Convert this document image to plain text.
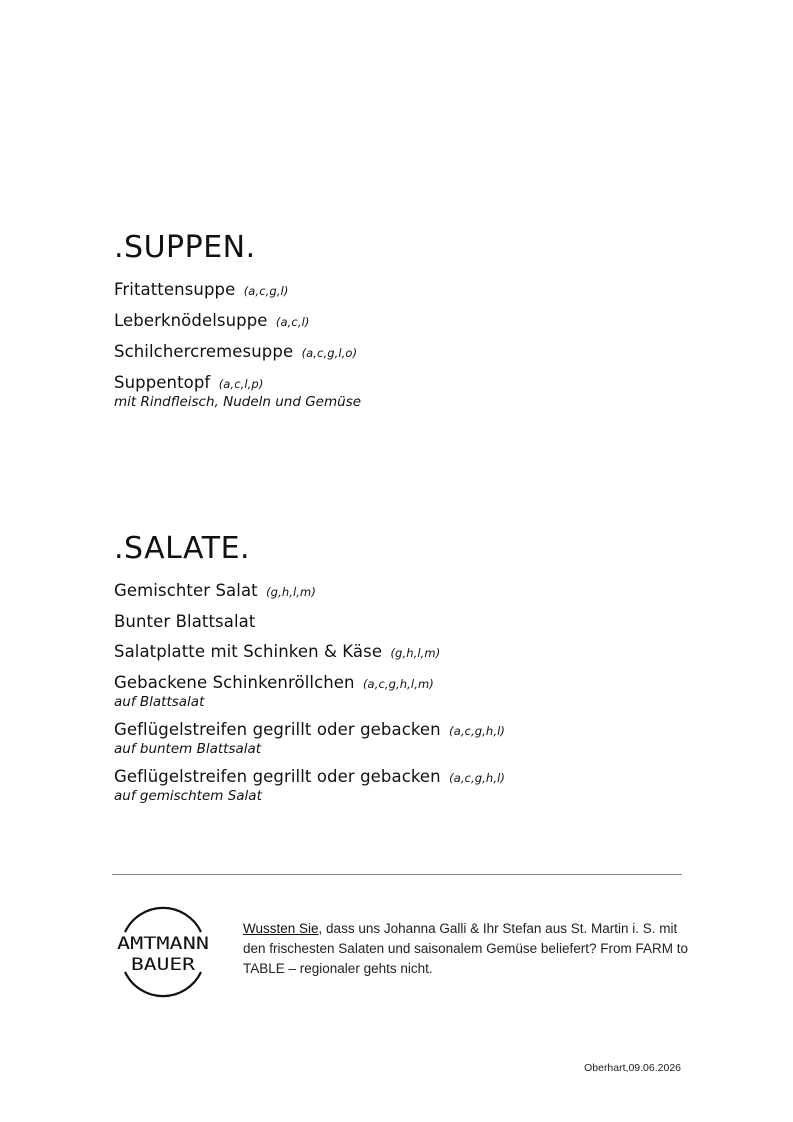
.SUPPEN.
Fritattensuppe (a,c,g,l)
Leberknödelsuppe (a,c,l)
Schilchercremesuppe (a,c,g,l,o)
Suppentopf (a,c,l,p)
mit Rindfleisch, Nudeln und Gemüse
.SALATE.
Gemischter Salat (g,h,l,m)
Bunter Blattsalat
Salatplatte mit Schinken & Käse (g,h,l,m)
Gebackene Schinkenröllchen (a,c,g,h,l,m)
auf Blattsalat
Geflügelstreifen gegrillt oder gebacken (a,c,g,h,l)
auf buntem Blattsalat
Geflügelstreifen gegrillt oder gebacken (a,c,g,h,l)
auf gemischtem Salat
AMTMANN
BAUER
Wussten Sie, dass uns Johanna Galli & Ihr Stefan aus St. Martin i. S. mit den frischesten Salaten und saisonalem Gemüse beliefert? From FARM to TABLE – regionaler gehts nicht.
Oberhart,09.06.2026
